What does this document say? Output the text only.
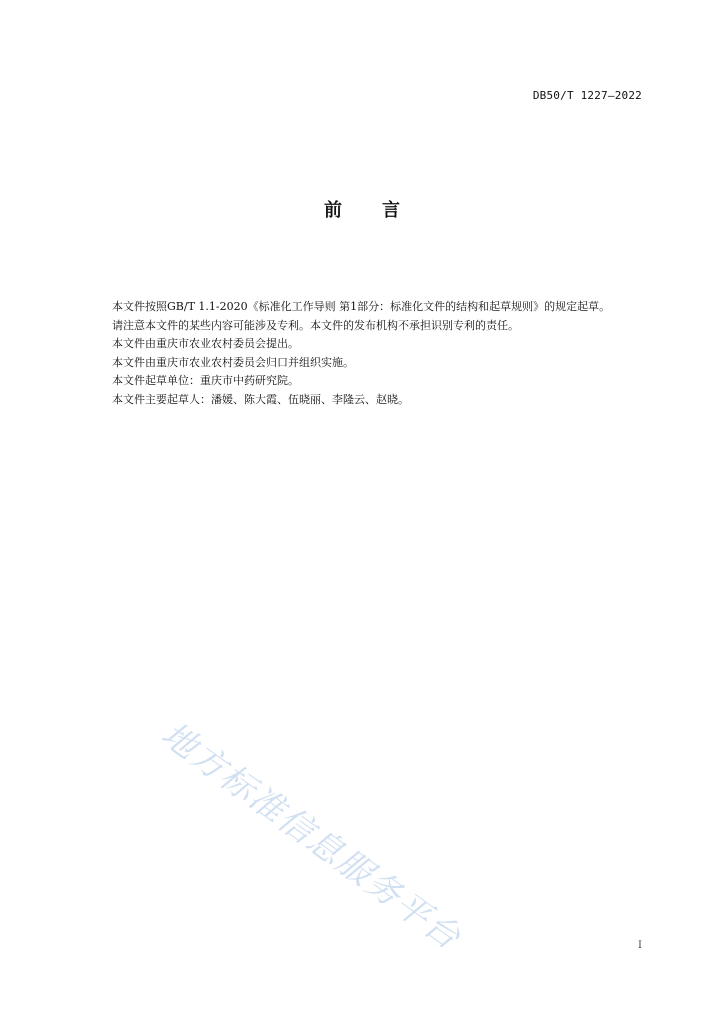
DB50/T 1227—2022
前 言

本文件按照GB/T 1.1-2020《标准化工作导则 第1部分：标准化文件的结构和起草规则》的规定起草。

请注意本文件的某些内容可能涉及专利。本文件的发布机构不承担识别专利的责任。

本文件由重庆市农业农村委员会提出。

本文件由重庆市农业农村委员会归口并组织实施。

本文件起草单位：重庆市中药研究院。

本文件主要起草人：潘媛、陈大霞、伍晓丽、李隆云、赵晓。

地方标准信息服务平台	I
